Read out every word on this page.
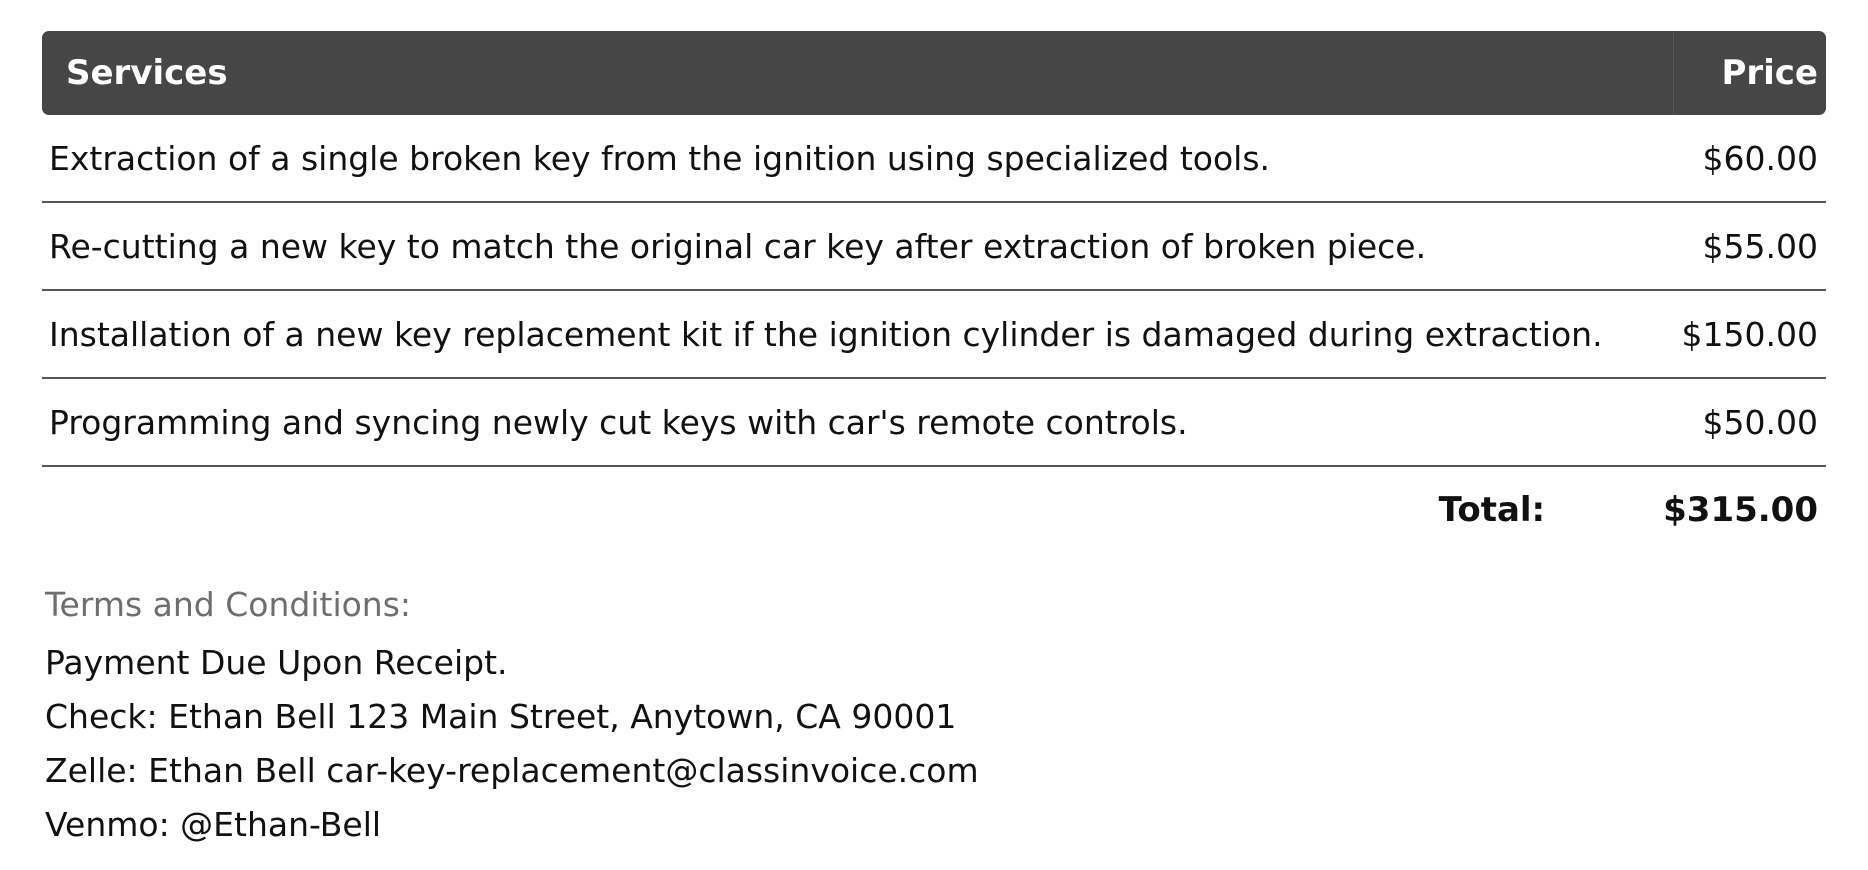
Services	Price
Extraction of a single broken key from the ignition using specialized tools.	$60.00
Re-cutting a new key to match the original car key after extraction of broken piece.	$55.00
Installation of a new key replacement kit if the ignition cylinder is damaged during extraction.	$150.00
Programming and syncing newly cut keys with car's remote controls.	$50.00
Total:	$315.00
Terms and Conditions:
Payment Due Upon Receipt.
Check: Ethan Bell 123 Main Street, Anytown, CA 90001
Zelle: Ethan Bell car-key-replacement@classinvoice.com
Venmo: @Ethan-Bell
